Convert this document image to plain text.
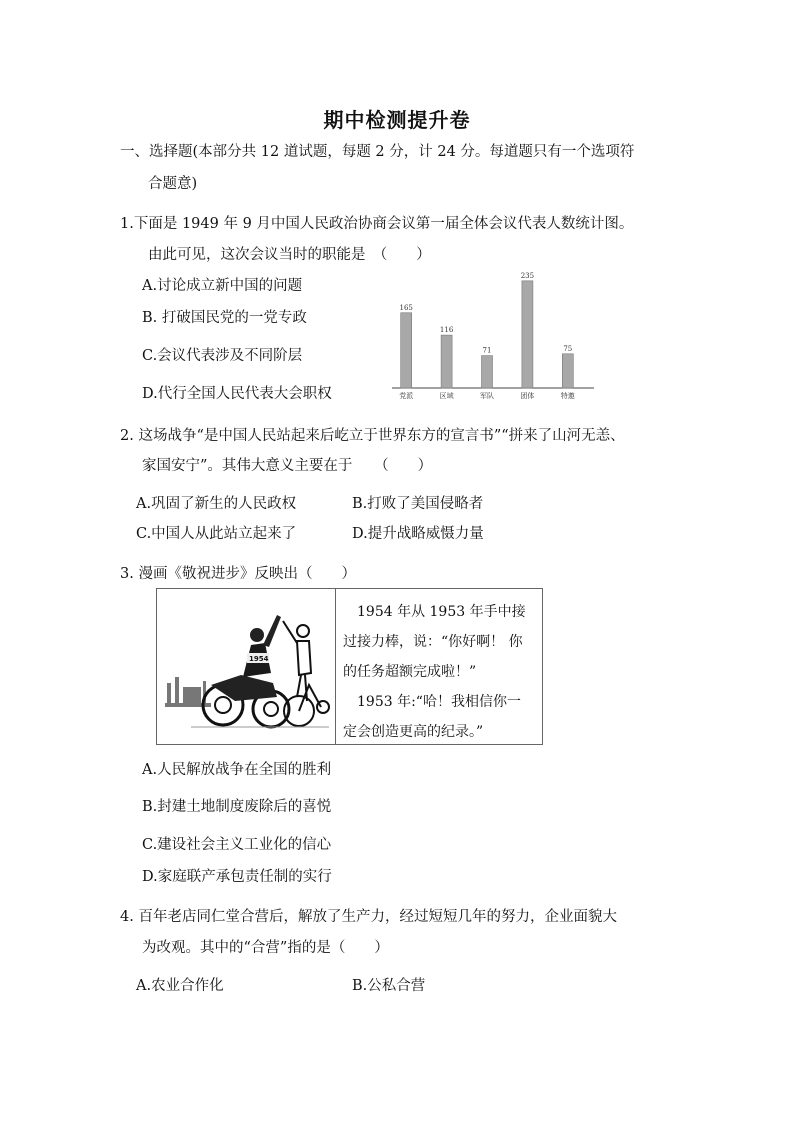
期中检测提升卷
一、选择题(本部分共 12 道试题，每题 2 分，计 24 分。每道题只有一个选项符
合题意)
1.下面是 1949 年 9 月中国人民政治协商会议第一届全体会议代表人数统计图。
由此可见，这次会议当时的职能是　（　　）
A.讨论成立新中国的问题
B. 打破国民党的一党专政
C.会议代表涉及不同阶层
D.代行全国人民代表大会职权
165
党派
116
区域
71
军队
235
团体
75
特邀
2. 这场战争“是中国人民站起来后屹立于世界东方的宣言书”“拼来了山河无恙、
家国安宁”。其伟大意义主要在于　　（　　）
A.巩固了新生的人民政权	B.打败了美国侵略者
C.中国人从此站立起来了	D.提升战略威慑力量
3. 漫画《敬祝进步》反映出（　　）
1954
　1954 年从 1953 年手中接
过接力棒，说：“你好啊！ 你
的任务超额完成啦！”
　1953 年:“哈！我相信你一
定会创造更高的纪录。”
A.人民解放战争在全国的胜利
B.封建土地制度废除后的喜悦
C.建设社会主义工业化的信心
D.家庭联产承包责任制的实行
4. 百年老店同仁堂合营后，解放了生产力，经过短短几年的努力，企业面貌大
为改观。其中的“合营”指的是（　　）
A.农业合作化	B.公私合营
